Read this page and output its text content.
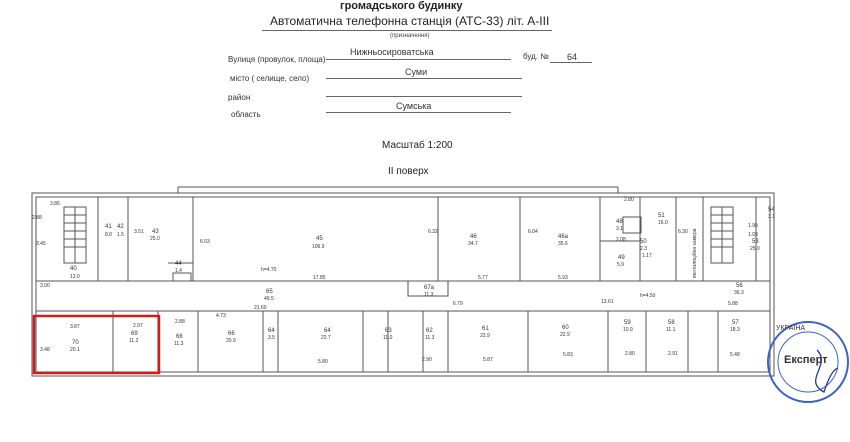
громадського будинку
Автоматична телефонна станція (АТС-33) літ. А-III
(призначення)
Вулиця (провулок, площа)
Нижньосироватська	буд. № 64
місто ( селище, село)
Суми
район
область
Сумська
Масштаб 1:200
ІІ поверх
40
13.0
41
8.0
42
1.5	43
25.0
44
1.4
45
106.9
46
34.7
46а
35.6
48
3.1
49
5.9
50
2.3
51
16.0
53
25.0
54
3.1
56
36.3
57
18.3
58
11.1
59
10.9
60
22.9
61
22.9
62
11.3
63
11.0
64
22.7
64
3.5
66
20.9
68
11.3
69
11.2
70
20.1
65
49.5
67а
11.3
3.86
2.88
2.80
3.45
3.51
6.03
17.85	5.77	5.93
3.00
21.60
4.73
6.79	13.61	5.88
3.87	2.97
2.88
5.80	2.90	5.87
5.83	2.80	2.91	5.48
3.48
h=4.70
h=4.50
6.32	6.04	6.30
1.90
1.93
1.17
2.08	вентиляційна камера
УКРАЇНА
Експерт
